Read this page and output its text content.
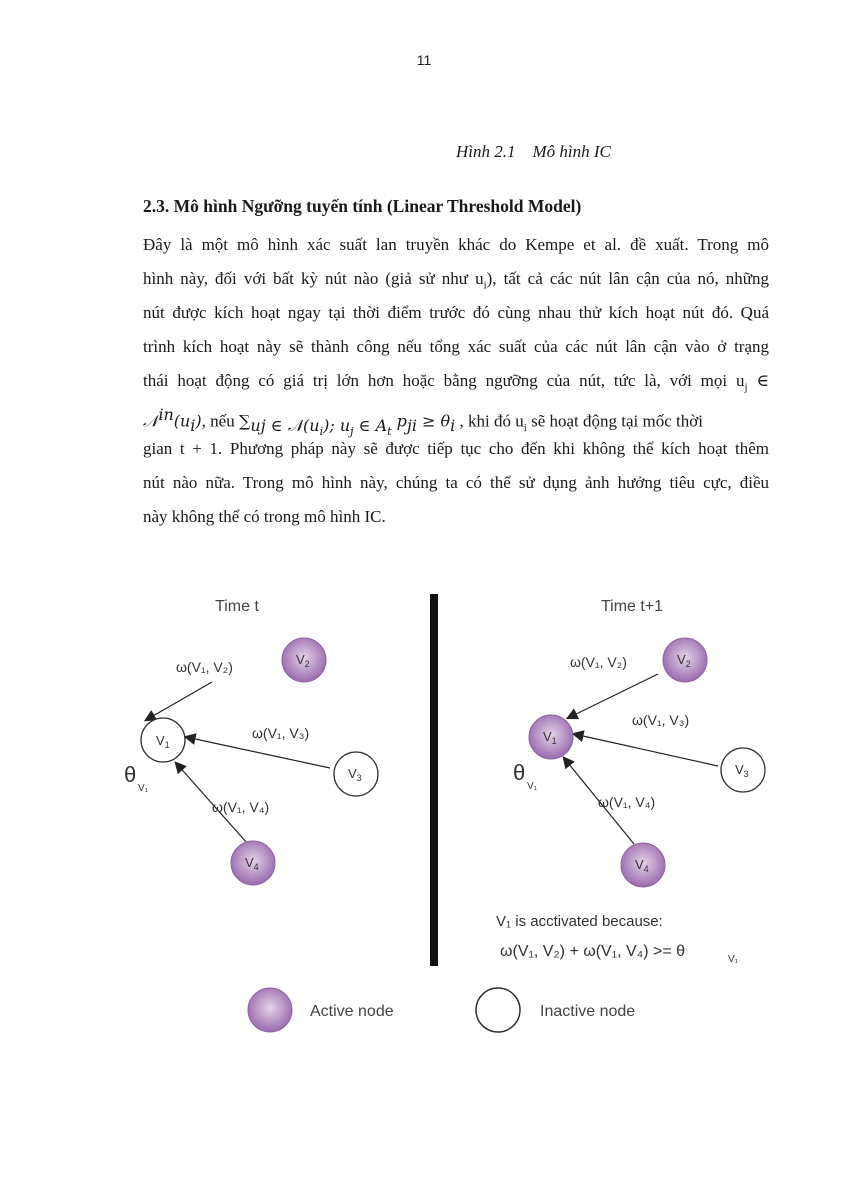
11
Hình 2.1    Mô hình IC
2.3. Mô hình Ngưỡng tuyến tính (Linear Threshold Model)
Đây là một mô hình xác suất lan truyền khác do Kempe et al. đề xuất. Trong mô
hình này, đối với bất kỳ nút nào (giả sử như $u_i$), tất cả các nút lân cận của nó, những
nút được kích hoạt ngay tại thời điểm trước đó cùng nhau thử kích hoạt nút đó. Quá
trình kích hoạt này sẽ thành công nếu tổng xác suất của các nút lân cận vào ở trạng
thái hoạt động có giá trị lớn hơn hoặc bằng ngưỡng của nút, tức là, với mọi $u_j$ ∈
$𝒩^{in}(u_i)$, nếu $\sum_{uj \in 𝒩(u_i); u_j \in A_t}$ $p_{ji} \ge \theta_i$ , khi đó $u_i$ sẽ hoạt động tại mốc thời
gian t + 1. Phương pháp này sẽ được tiếp tục cho đến khi không thể kích hoạt thêm
nút nào nữa. Trong mô hình này, chúng ta có thể sử dụng ảnh hưởng tiêu cực, điều
này không thể có trong mô hình IC.
Time t
ω(V₁, V₂)
ω(V₁, V₃)
ω(V₁, V₄)
$V_1$
$V_2$
$V_3$
$V_4$
θ
V₁
Time t+1
ω(V₁, V₂)
ω(V₁, V₃)
ω(V₁, V₄)
$V_1$
$V_2$
$V_3$
$V_4$
θ
V₁
V₁ is acctivated because:
ω(V₁, V₂) + ω(V₁, V₄) >= θ	V₁
Active node	Inactive node
